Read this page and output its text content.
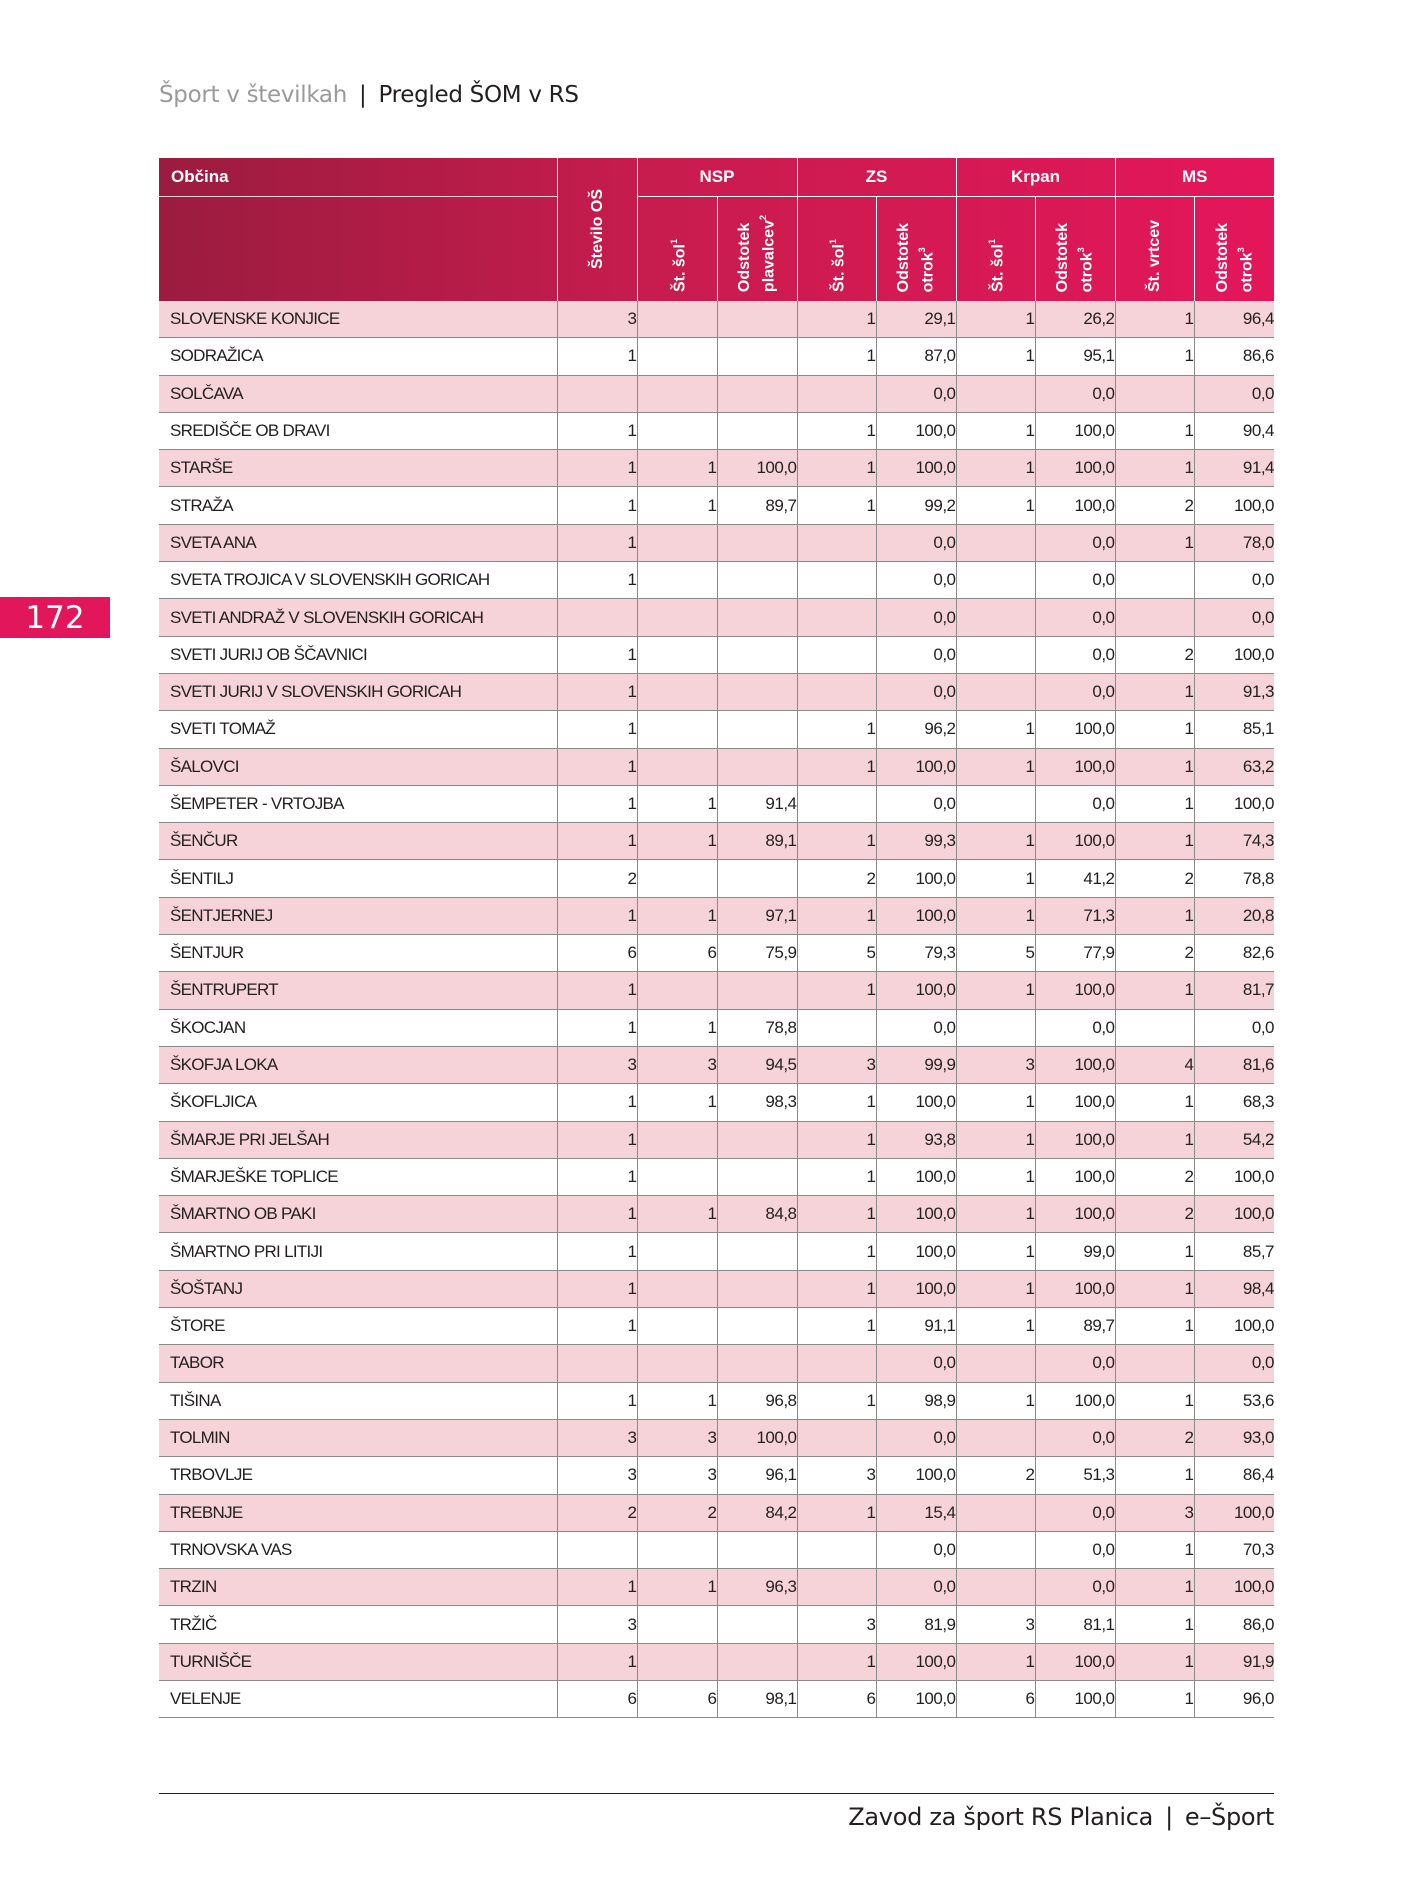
Šport v številkah | Pregled ŠOM v RS
172
Občina	Število OŠ	NSP		ZS		Krpan		MS	
		Št. šol$^1$	Odstotek plavalcev$^2$	Št. šol$^1$	Odstotek otrok$^3$	Št. šol$^1$	Odstotek otrok$^3$	Št. vrtcev	Odstotek otrok$^3$
SLOVENSKE KONJICE	3			1	29,1	1	26,2	1	96,4
SODRAŽICA	1			1	87,0	1	95,1	1	86,6
SOLČAVA					0,0		0,0		0,0
SREDIŠČE OB DRAVI	1			1	100,0	1	100,0	1	90,4
STARŠE	1	1	100,0	1	100,0	1	100,0	1	91,4
STRAŽA	1	1	89,7	1	99,2	1	100,0	2	100,0
SVETA ANA	1				0,0		0,0	1	78,0
SVETA TROJICA V SLOVENSKIH GORICAH	1				0,0		0,0		0,0
SVETI ANDRAŽ V SLOVENSKIH GORICAH					0,0		0,0		0,0
SVETI JURIJ OB ŠČAVNICI	1				0,0		0,0	2	100,0
SVETI JURIJ V SLOVENSKIH GORICAH	1				0,0		0,0	1	91,3
SVETI TOMAŽ	1			1	96,2	1	100,0	1	85,1
ŠALOVCI	1			1	100,0	1	100,0	1	63,2
ŠEMPETER - VRTOJBA	1	1	91,4		0,0		0,0	1	100,0
ŠENČUR	1	1	89,1	1	99,3	1	100,0	1	74,3
ŠENTILJ	2			2	100,0	1	41,2	2	78,8
ŠENTJERNEJ	1	1	97,1	1	100,0	1	71,3	1	20,8
ŠENTJUR	6	6	75,9	5	79,3	5	77,9	2	82,6
ŠENTRUPERT	1			1	100,0	1	100,0	1	81,7
ŠKOCJAN	1	1	78,8		0,0		0,0		0,0
ŠKOFJA LOKA	3	3	94,5	3	99,9	3	100,0	4	81,6
ŠKOFLJICA	1	1	98,3	1	100,0	1	100,0	1	68,3
ŠMARJE PRI JELŠAH	1			1	93,8	1	100,0	1	54,2
ŠMARJEŠKE TOPLICE	1			1	100,0	1	100,0	2	100,0
ŠMARTNO OB PAKI	1	1	84,8	1	100,0	1	100,0	2	100,0
ŠMARTNO PRI LITIJI	1			1	100,0	1	99,0	1	85,7
ŠOŠTANJ	1			1	100,0	1	100,0	1	98,4
ŠTORE	1			1	91,1	1	89,7	1	100,0
TABOR					0,0		0,0		0,0
TIŠINA	1	1	96,8	1	98,9	1	100,0	1	53,6
TOLMIN	3	3	100,0		0,0		0,0	2	93,0
TRBOVLJE	3	3	96,1	3	100,0	2	51,3	1	86,4
TREBNJE	2	2	84,2	1	15,4		0,0	3	100,0
TRNOVSKA VAS					0,0		0,0	1	70,3
TRZIN	1	1	96,3		0,0		0,0	1	100,0
TRŽIČ	3			3	81,9	3	81,1	1	86,0
TURNIŠČE	1			1	100,0	1	100,0	1	91,9
VELENJE	6	6	98,1	6	100,0	6	100,0	1	96,0
Zavod za šport RS Planica | e–Šport
